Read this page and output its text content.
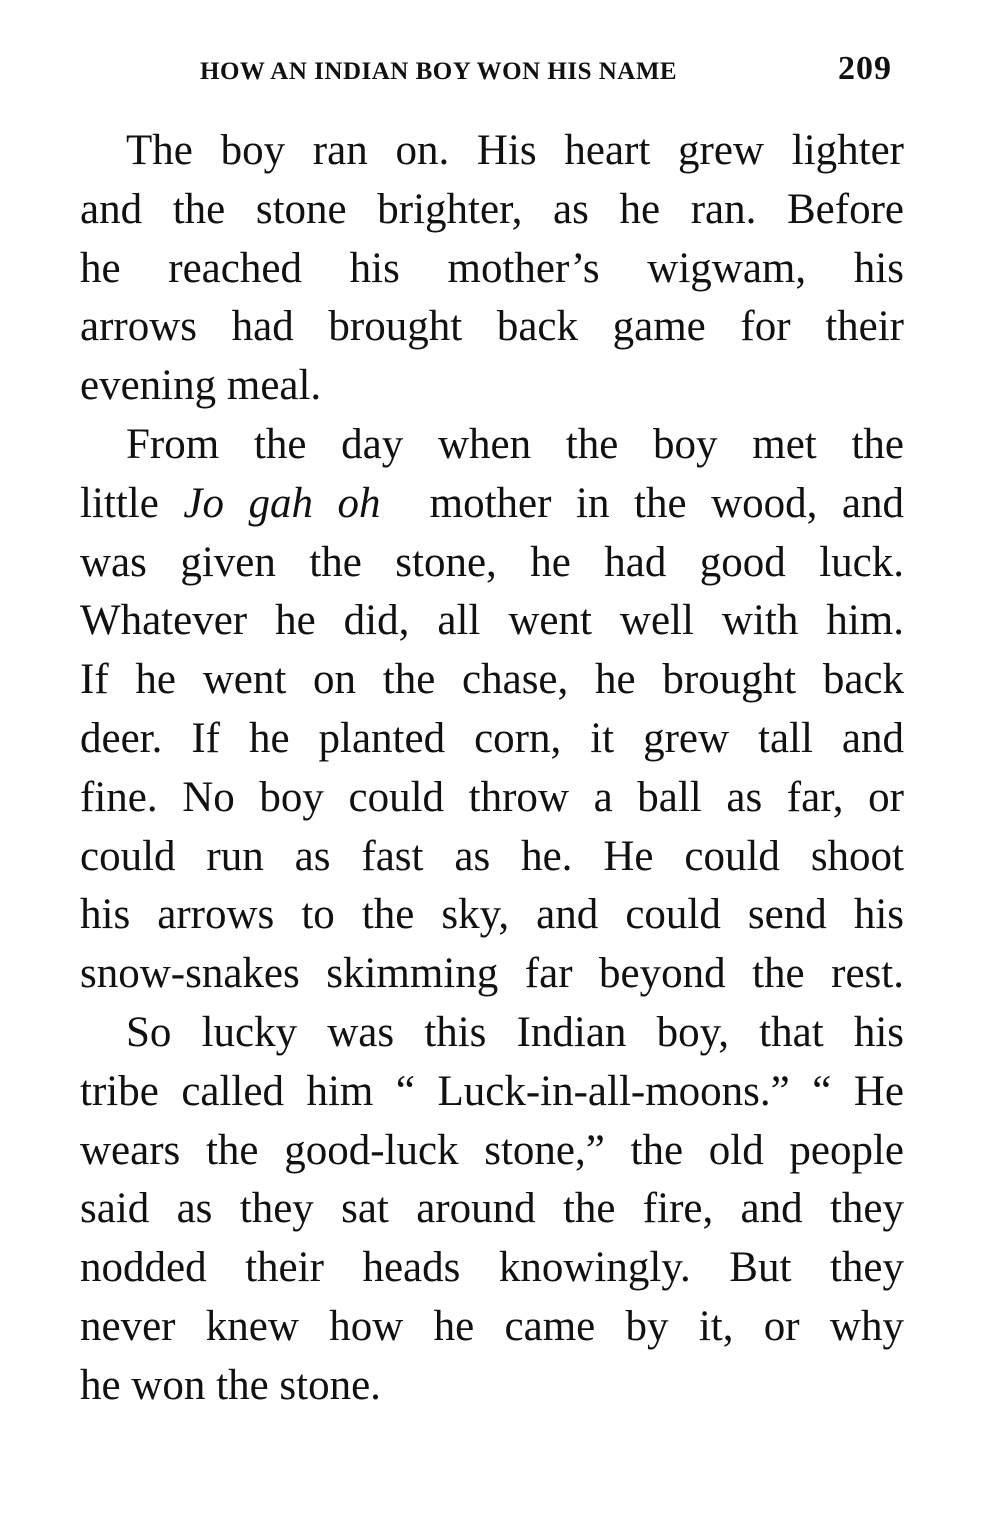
HOW AN INDIAN BOY WON HIS NAME	209
The boy ran on. His heart grew lighter
and the stone brighter, as he ran. Before
he reached his mother’s wigwam, his
arrows had brought back game for their
evening meal.
From the day when the boy met the
little Jo gah oh mother in the wood, and
was given the stone, he had good luck.
Whatever he did, all went well with him.
If he went on the chase, he brought back
deer. If he planted corn, it grew tall and
fine. No boy could throw a ball as far, or
could run as fast as he. He could shoot
his arrows to the sky, and could send his
snow-snakes skimming far beyond the rest.
So lucky was this Indian boy, that his
tribe called him “ Luck-in-all-moons.” “ He
wears the good-luck stone,” the old people
said as they sat around the fire, and they
nodded their heads knowingly. But they
never knew how he came by it, or why
he won the stone.
